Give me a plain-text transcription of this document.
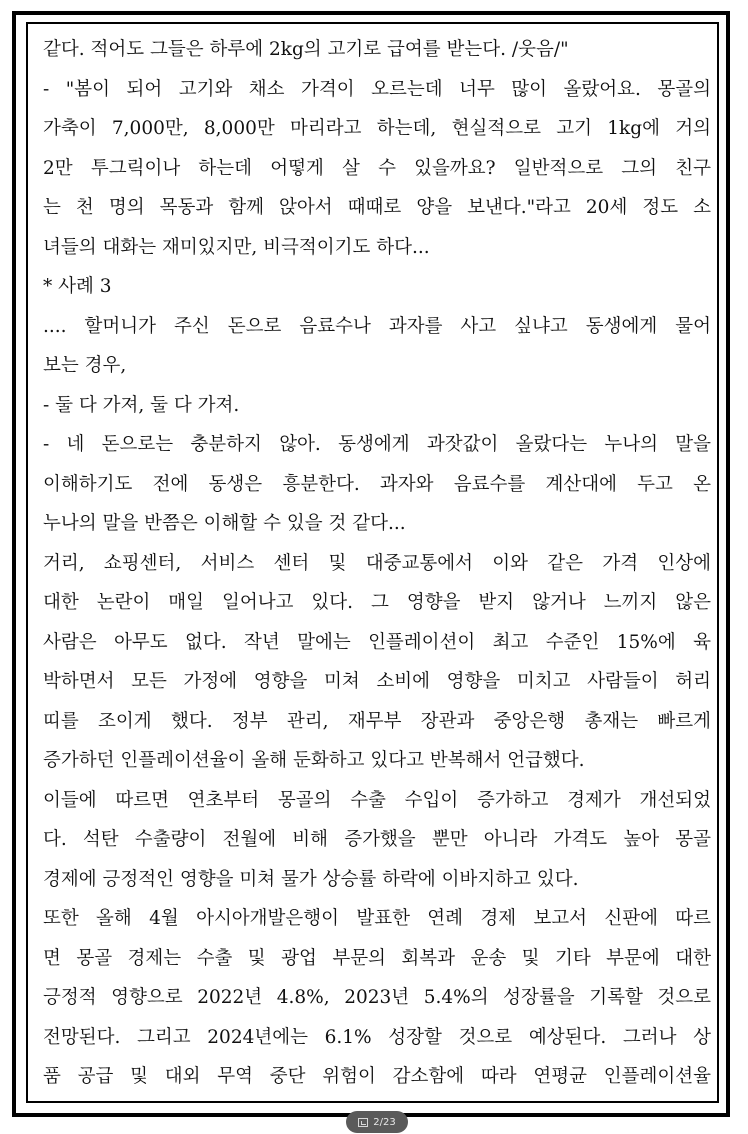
같다. 적어도 그들은 하루에 2kg의 고기로 급여를 받는다. /웃음/"
- "봄이 되어 고기와 채소 가격이 오르는데 너무 많이 올랐어요. 몽골의
가축이 7,000만, 8,000만 마리라고 하는데, 현실적으로 고기 1kg에 거의
2만 투그릭이나 하는데 어떻게 살 수 있을까요? 일반적으로 그의 친구
는 천 명의 목동과 함께 앉아서 때때로 양을 보낸다."라고 20세 정도 소
녀들의 대화는 재미있지만, 비극적이기도 하다...
* 사례 3
.... 할머니가 주신 돈으로 음료수나 과자를 사고 싶냐고 동생에게 물어
보는 경우,
- 둘 다 가져, 둘 다 가져.
- 네 돈으로는 충분하지 않아. 동생에게 과잣값이 올랐다는 누나의 말을
이해하기도 전에 동생은 흥분한다. 과자와 음료수를 계산대에 두고 온
누나의 말을 반쯤은 이해할 수 있을 것 같다...
거리, 쇼핑센터, 서비스 센터 및 대중교통에서 이와 같은 가격 인상에
대한 논란이 매일 일어나고 있다. 그 영향을 받지 않거나 느끼지 않은
사람은 아무도 없다. 작년 말에는 인플레이션이 최고 수준인 15%에 육
박하면서 모든 가정에 영향을 미쳐 소비에 영향을 미치고 사람들이 허리
띠를 조이게 했다. 정부 관리, 재무부 장관과 중앙은행 총재는 빠르게
증가하던 인플레이션율이 올해 둔화하고 있다고 반복해서 언급했다.
이들에 따르면 연초부터 몽골의 수출 수입이 증가하고 경제가 개선되었
다. 석탄 수출량이 전월에 비해 증가했을 뿐만 아니라 가격도 높아 몽골
경제에 긍정적인 영향을 미쳐 물가 상승률 하락에 이바지하고 있다.
또한 올해 4월 아시아개발은행이 발표한 연례 경제 보고서 신판에 따르
면 몽골 경제는 수출 및 광업 부문의 회복과 운송 및 기타 부문에 대한
긍정적 영향으로 2022년 4.8%, 2023년 5.4%의 성장률을 기록할 것으로
전망된다. 그리고 2024년에는 6.1% 성장할 것으로 예상된다. 그러나 상
품 공급 및 대외 무역 중단 위험이 감소함에 따라 연평균 인플레이션율
2/23
